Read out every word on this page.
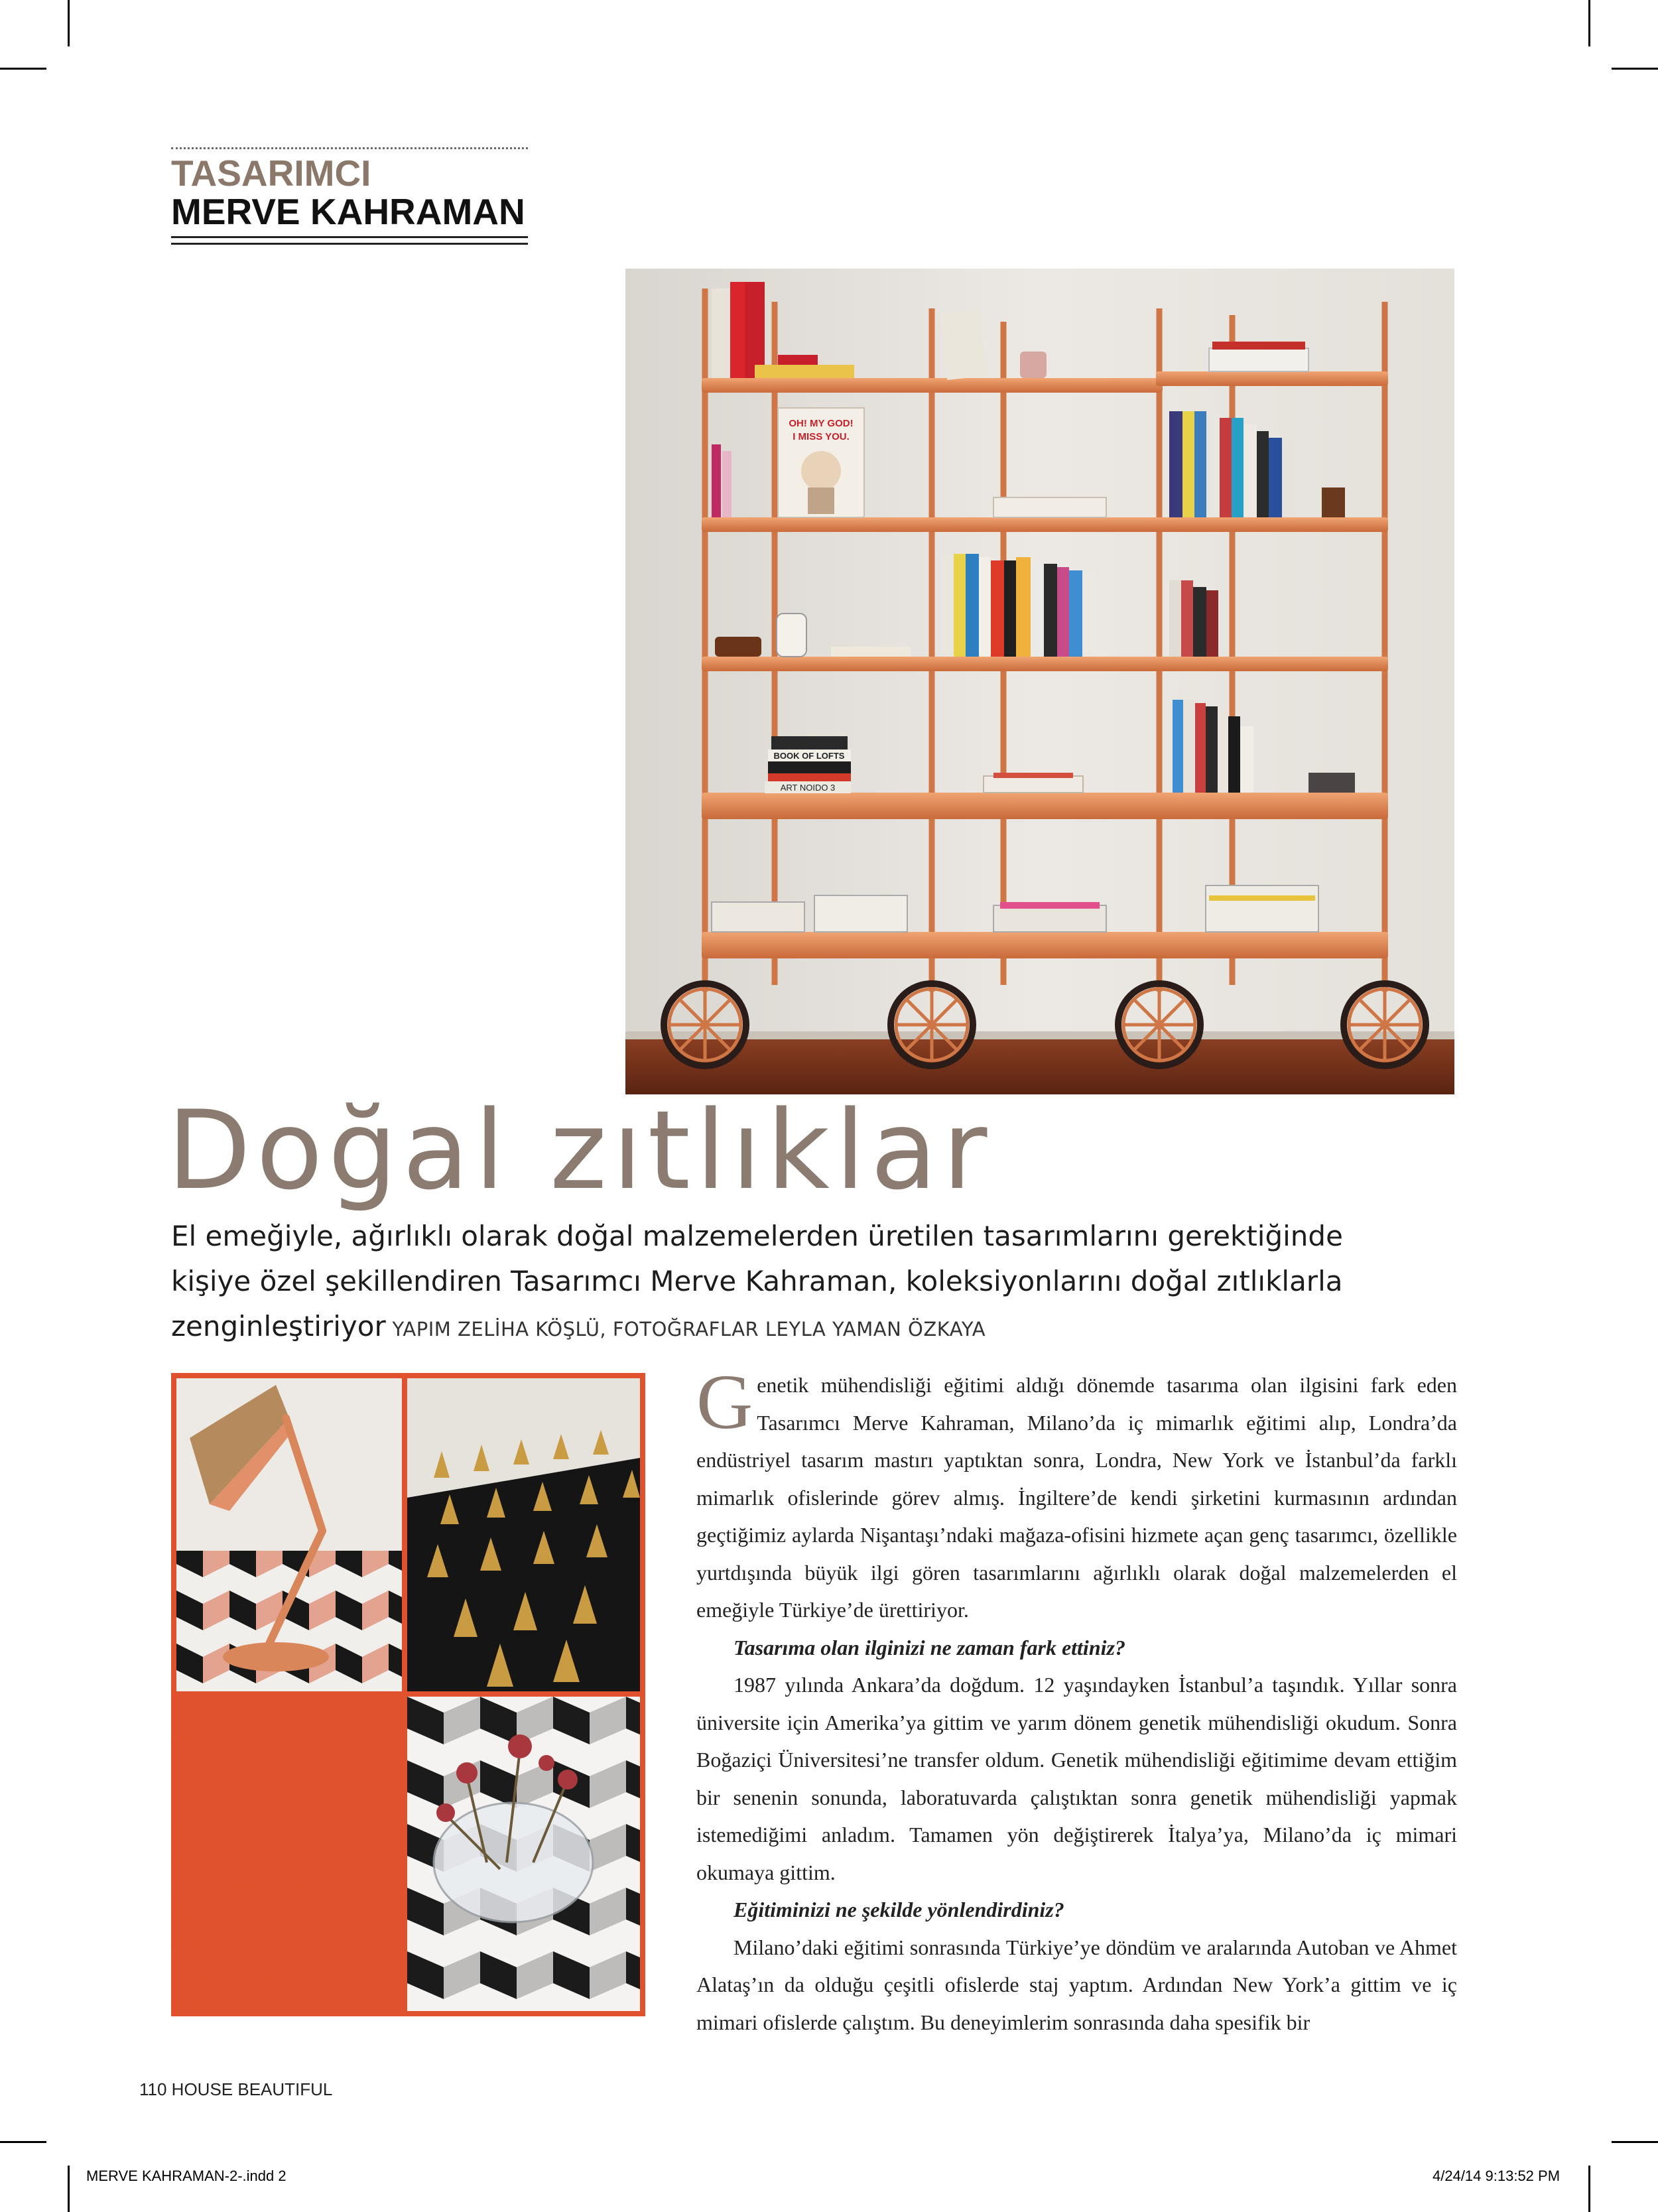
TASARIMCI
MERVE KAHRAMAN
OH! MY GOD!
I MISS YOU.
BOOK OF LOFTS
ART NOIDO 3
Doğal zıtlıklar
El emeğiyle, ağırlıklı olarak doğal malzemelerden üretilen tasarımlarını gerektiğinde kişiye özel şekillendiren Tasarımcı Merve Kahraman, koleksiyonlarını doğal zıtlıklarla zenginleştiriyor YAPIM ZELİHA KÖŞLÜ, FOTOĞRAFLAR LEYLA YAMAN ÖZKAYA
Üstte solda
Tasarımcı Merve Kahraman.
Sağda ve altta
Merve Kahraman ürünlerinin ağırlıklı olarak doğal malzemelerden ve el yapımı olmasına dikkat ediyor.

Genetik mühendisliği eğitimi aldığı dönemde tasarıma olan ilgisini fark eden Tasarımcı Merve Kahraman, Milano’da iç mimarlık eğitimi alıp, Londra’da endüstriyel tasarım mastırı yaptıktan sonra, Londra, New York ve İstanbul’da farklı mimarlık ofislerinde görev almış. İngiltere’de kendi şirketini kurmasının ardından geçtiğimiz aylarda Nişantaşı’ndaki mağaza-ofisini hizmete açan genç tasarımcı, özellikle yurtdışında büyük ilgi gören tasarımlarını ağırlıklı olarak doğal malzemelerden el emeğiyle Türkiye’de ürettiriyor.

Tasarıma olan ilginizi ne zaman fark ettiniz?

1987 yılında Ankara’da doğdum. 12 yaşındayken İstanbul’a taşındık. Yıllar sonra üniversite için Amerika’ya gittim ve yarım dönem genetik mühendisliği okudum. Sonra Boğaziçi Üniversitesi’ne transfer oldum. Genetik mühendisliği eğitimime devam ettiğim bir senenin sonunda, laboratuvarda çalıştıktan sonra genetik mühendisliği yapmak istemediğimi anladım. Tamamen yön değiştirerek İtalya’ya, Milano’da iç mimari okumaya gittim.

Eğitiminizi ne şekilde yönlendirdiniz?

Milano’daki eğitimi sonrasında Türkiye’ye döndüm ve aralarında Autoban ve Ahmet Alataş’ın da olduğu çeşitli ofislerde staj yaptım. Ardından New York’a gittim ve iç mimari ofislerde çalıştım. Bu deneyimlerim sonrasında daha spesifik bir

110 HOUSE BEAUTIFUL
MERVE KAHRAMAN-2-.indd 2	4/24/14 9:13:52 PM
